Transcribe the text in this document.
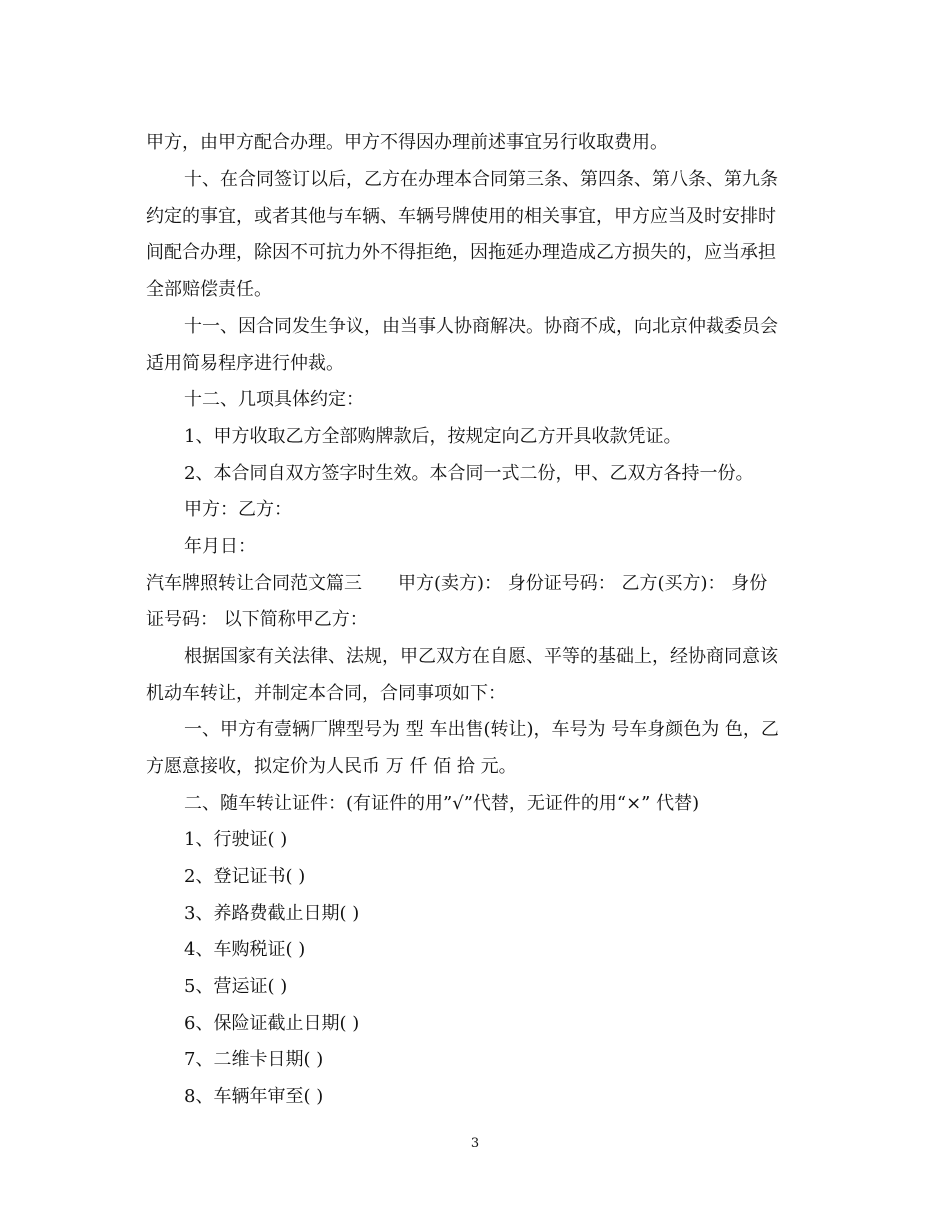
甲方，由甲方配合办理。甲方不得因办理前述事宜另行收取费用。
十、在合同签订以后，乙方在办理本合同第三条、第四条、第八条、第九条
约定的事宜，或者其他与车辆、车辆号牌使用的相关事宜，甲方应当及时安排时
间配合办理，除因不可抗力外不得拒绝，因拖延办理造成乙方损失的，应当承担
全部赔偿责任。
十一、因合同发生争议，由当事人协商解决。协商不成，向北京仲裁委员会
适用简易程序进行仲裁。
十二、几项具体约定：
1、甲方收取乙方全部购牌款后，按规定向乙方开具收款凭证。
2、本合同自双方签字时生效。本合同一式二份，甲、乙双方各持一份。
甲方：乙方：
年月日：
汽车牌照转让合同范文篇三　　甲方(卖方)： 身份证号码： 乙方(买方)： 身份
证号码： 以下简称甲乙方：
根据国家有关法律、法规，甲乙双方在自愿、平等的基础上，经协商同意该
机动车转让，并制定本合同，合同事项如下：
一、甲方有壹辆厂牌型号为 型 车出售(转让)，车号为 号车身颜色为 色，乙
方愿意接收，拟定价为人民币 万 仟 佰 拾 元。
二、随车转让证件：(有证件的用”√”代替，无证件的用“×” 代替)
1、行驶证( )
2、登记证书( )
3、养路费截止日期( )
4、车购税证( )
5、营运证( )
6、保险证截止日期( )
7、二维卡日期( )
8、车辆年审至( )
3
